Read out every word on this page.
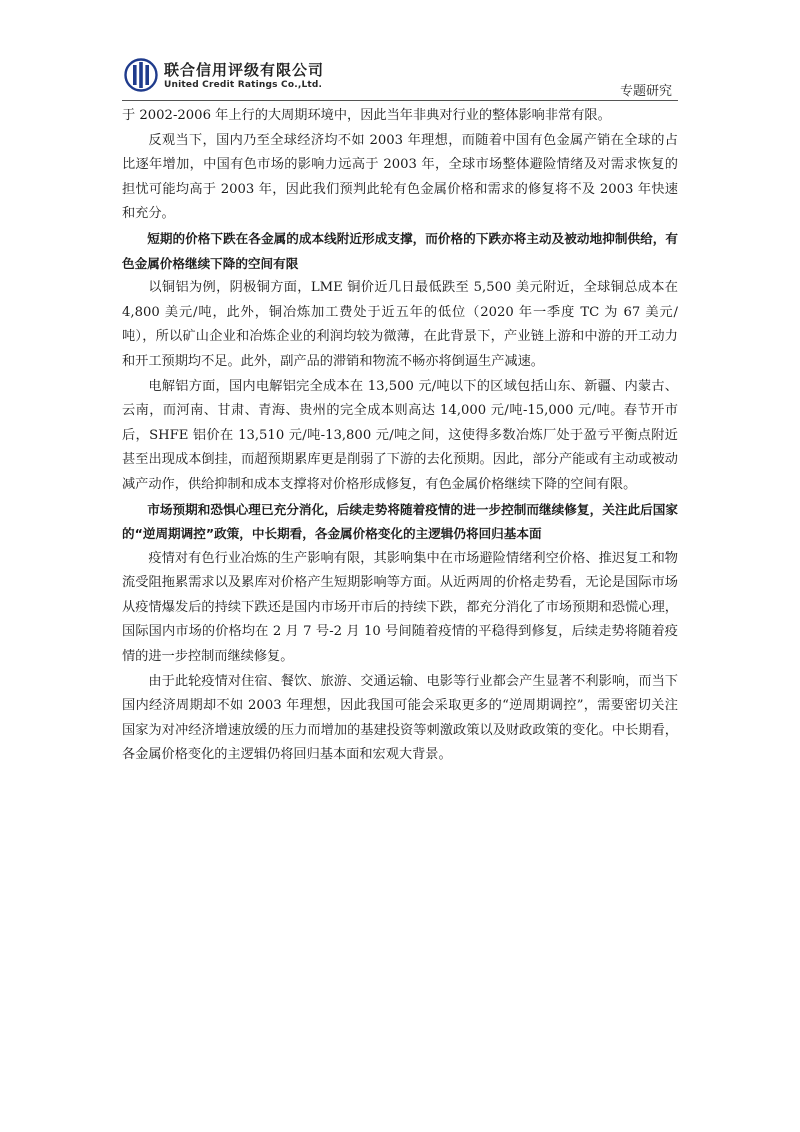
联合信用评级有限公司
United Credit Ratings Co.,Ltd.	专题研究

于 2002-2006 年上行的大周期环境中，因此当年非典对行业的整体影响非常有限。

反观当下，国内乃至全球经济均不如 2003 年理想，而随着中国有色金属产销在全球的占比逐年增加，中国有色市场的影响力远高于 2003 年，全球市场整体避险情绪及对需求恢复的担忧可能均高于 2003 年，因此我们预判此轮有色金属价格和需求的修复将不及 2003 年快速和充分。

短期的价格下跌在各金属的成本线附近形成支撑，而价格的下跌亦将主动及被动地抑制供给，有色金属价格继续下降的空间有限

以铜铝为例，阴极铜方面，LME 铜价近几日最低跌至 5,500 美元附近，全球铜总成本在 4,800 美元/吨，此外，铜冶炼加工费处于近五年的低位（2020 年一季度 TC 为 67 美元/吨），所以矿山企业和冶炼企业的利润均较为微薄，在此背景下，产业链上游和中游的开工动力和开工预期均不足。此外，副产品的滞销和物流不畅亦将倒逼生产减速。

电解铝方面，国内电解铝完全成本在 13,500 元/吨以下的区域包括山东、新疆、内蒙古、云南，而河南、甘肃、青海、贵州的完全成本则高达 14,000 元/吨-15,000 元/吨。春节开市后，SHFE 铝价在 13,510 元/吨-13,800 元/吨之间，这使得多数冶炼厂处于盈亏平衡点附近甚至出现成本倒挂，而超预期累库更是削弱了下游的去化预期。因此，部分产能或有主动或被动减产动作，供给抑制和成本支撑将对价格形成修复，有色金属价格继续下降的空间有限。

市场预期和恐惧心理已充分消化，后续走势将随着疫情的进一步控制而继续修复，关注此后国家的“逆周期调控”政策，中长期看，各金属价格变化的主逻辑仍将回归基本面

疫情对有色行业冶炼的生产影响有限，其影响集中在市场避险情绪利空价格、推迟复工和物流受阻拖累需求以及累库对价格产生短期影响等方面。从近两周的价格走势看，无论是国际市场从疫情爆发后的持续下跌还是国内市场开市后的持续下跌，都充分消化了市场预期和恐慌心理，国际国内市场的价格均在 2 月 7 号-2 月 10 号间随着疫情的平稳得到修复，后续走势将随着疫情的进一步控制而继续修复。

由于此轮疫情对住宿、餐饮、旅游、交通运输、电影等行业都会产生显著不利影响，而当下国内经济周期却不如 2003 年理想，因此我国可能会采取更多的“逆周期调控”，需要密切关注国家为对冲经济增速放缓的压力而增加的基建投资等刺激政策以及财政政策的变化。中长期看，各金属价格变化的主逻辑仍将回归基本面和宏观大背景。
